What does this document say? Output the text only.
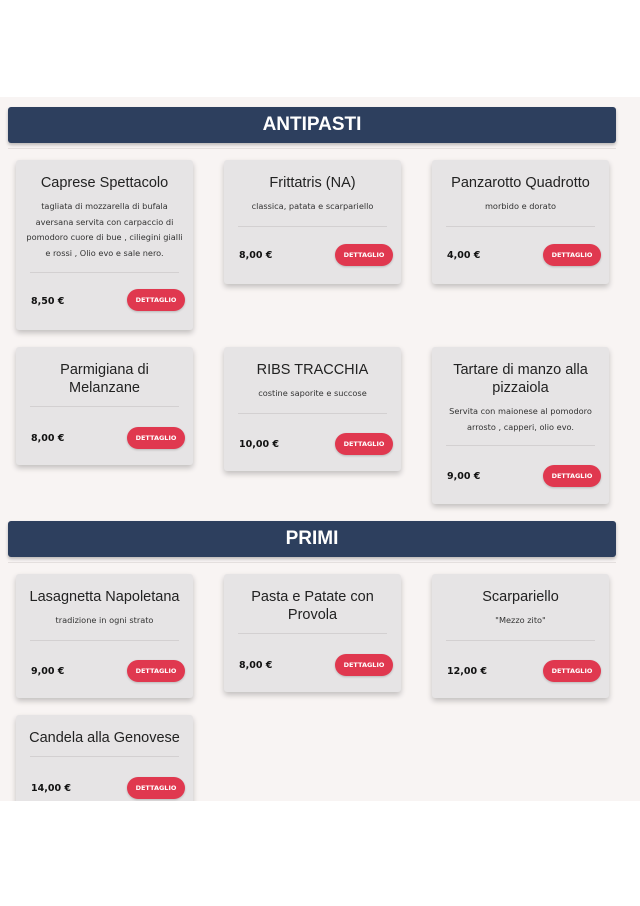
ANTIPASTI
Caprese Spettacolo
tagliata di mozzarella di bufala aversana servita con carpaccio di pomodoro cuore di bue , ciliegini gialli e rossi , Olio evo e sale nero.
8,50 €	DETTAGLIO
Frittatris (NA)
classica, patata e scarpariello
8,00 €	DETTAGLIO
Panzarotto Quadrotto
morbido e dorato
4,00 €	DETTAGLIO
Parmigiana di Melanzane
8,00 €	DETTAGLIO
RIBS TRACCHIA
costine saporite e succose
10,00 €	DETTAGLIO
Tartare di manzo alla pizzaiola
Servita con maionese al pomodoro arrosto , capperi, olio evo.
9,00 €	DETTAGLIO
PRIMI
Lasagnetta Napoletana
tradizione in ogni strato
9,00 €	DETTAGLIO
Pasta e Patate con Provola
8,00 €	DETTAGLIO
Scarpariello
"Mezzo zito"
12,00 €	DETTAGLIO
Candela alla Genovese
14,00 €	DETTAGLIO
